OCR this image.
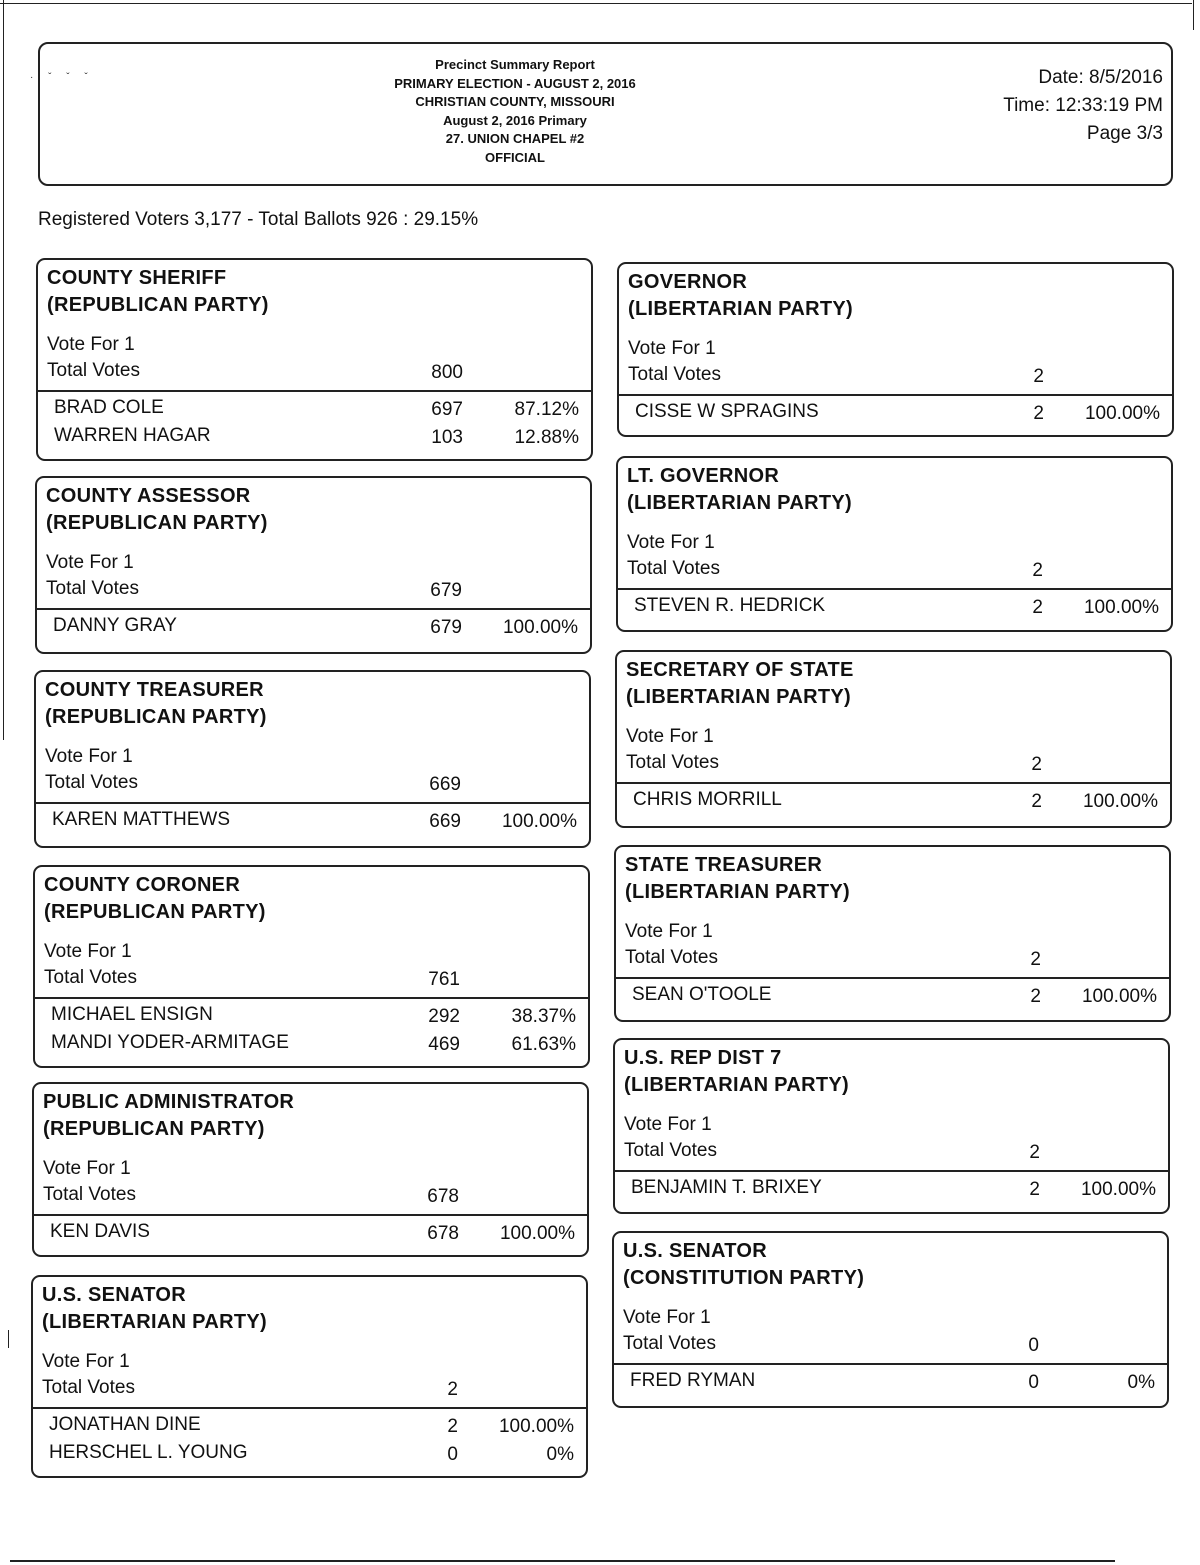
· ˇ ˇ ˇ
Precinct Summary Report
PRIMARY ELECTION - AUGUST 2, 2016
CHRISTIAN COUNTY, MISSOURI
August 2, 2016 Primary
27. UNION CHAPEL #2
OFFICIAL
Date: 8/5/2016
Time: 12:33:19 PM
Page 3/3
Registered Voters 3,177 - Total Ballots 926 : 29.15%
COUNTY SHERIFF
(REPUBLICAN PARTY)
Vote For 1
Total Votes	800
BRAD COLE	697	87.12%
WARREN HAGAR	103	12.88%
COUNTY ASSESSOR
(REPUBLICAN PARTY)
Vote For 1
Total Votes	679
DANNY GRAY	679 100.00%
COUNTY TREASURER
(REPUBLICAN PARTY)
Vote For 1
Total Votes	669
KAREN MATTHEWS	669 100.00%
COUNTY CORONER
(REPUBLICAN PARTY)
Vote For 1
Total Votes	761
MICHAEL ENSIGN	292	38.37%
MANDI YODER-ARMITAGE	469	61.63%
PUBLIC ADMINISTRATOR
(REPUBLICAN PARTY)
Vote For 1
Total Votes	678
KEN DAVIS	678 100.00%
U.S. SENATOR
(LIBERTARIAN PARTY)
Vote For 1
Total Votes	2
JONATHAN DINE	2 100.00%
HERSCHEL L. YOUNG	0	0%
GOVERNOR
(LIBERTARIAN PARTY)
Vote For 1
Total Votes	2
CISSE W SPRAGINS	2 100.00%
LT. GOVERNOR
(LIBERTARIAN PARTY)
Vote For 1
Total Votes	2
STEVEN R. HEDRICK	2 100.00%
SECRETARY OF STATE
(LIBERTARIAN PARTY)
Vote For 1
Total Votes	2
CHRIS MORRILL	2 100.00%
STATE TREASURER
(LIBERTARIAN PARTY)
Vote For 1
Total Votes	2
SEAN O'TOOLE	2 100.00%
U.S. REP DIST 7
(LIBERTARIAN PARTY)
Vote For 1
Total Votes	2
BENJAMIN T. BRIXEY	2 100.00%
U.S. SENATOR
(CONSTITUTION PARTY)
Vote For 1
Total Votes	0
FRED RYMAN	0	0%
